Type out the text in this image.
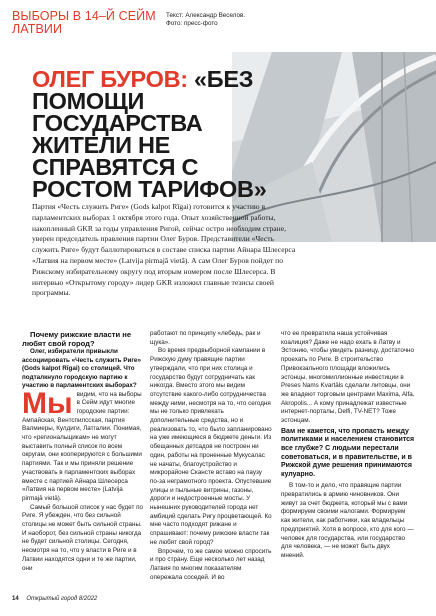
ВЫБОРЫ В 14–Й СЕЙМ ЛАТВИИ
Текст: Александр Веселов.
Фото: пресс-фото
ОЛЕГ БУРОВ: «БЕЗ ПОМОЩИ ГОСУДАРСТВА ЖИТЕЛИ НЕ СПРАВЯТСЯ С РОСТОМ ТАРИФОВ»

Партия «Честь служить Риге» (Gods kalpot Rīgai) готовится к участию в парламентских выборах 1 октября этого года. Опыт хозяйственной работы, накопленный GKR за годы управления Ригой, сейчас остро необходим стране, уверен председатель правления партии Олег Буров. Представители «Честь служить Риге» будут баллотироваться в составе списка партии Айнара Шлесерса «Латвия на первом месте» (Latvija pirmajā vietā). А сам Олег Буров пойдет по Рижскому избирательному округу под вторым номером после Шлесерса. В интервью «Открытому городу» лидер GKR изложил главные тезисы своей программы.

Почему рижские власти не любят свой город?

Олег, избиратели привыкли ассоциировать «Честь служить Риге» (Gods kalpot Rīgai) со столицей. Что подталкнуло городскую партию к участию в парламентских выборах?

Мы видим, что на выборы в Сейм идут многие городские партии: Ампайская, Вентспилсская, партия Валмиеры, Кулдиги, Латгалии. Понимая, что «региональщикам» не могут выставить полный список по всем округам, они кооперируются с большими партиями. Так и мы приняли решение участвовать в парламентских выборах вместе с партией Айнара Шлесерса «Латвия на первом месте» (Latvija pirmajā vietā).

Самый большой список у нас будет по Риге. Я убежден, что без сильной столицы не может быть сильной страны. И наоборот, без сильной страны никогда не будет сильной столицы. Сегодня, несмотря на то, что у власти в Риге и в Латвии находятся одни и те же партии, они

работают по принципу «лебедь, рак и щука».

Во время предвыборной кампании в Рижскую думу правящие партии утверждали, что при них столица и государство будут сотрудничать как никогда. Вместо этого мы видим отсутствие какого-либо сотрудничества между ними, несмотря на то, что сегодня мы не только привлекать дополнительные средства, но и реализовать то, что было запланировано на уже имеющиеся в бюджете деньги. Из обещанных детсадов не построен ни один, работы на проненные Мукусалас не начаты, благоустройство и микрорайоне Скансте вставо на паузу по-за неграмотного проекта. Опустевшие улицы и пыльные витрины, газоны, дороги и недостроенные мосты. У нынешних руководителей города нет амбиций сделать Ригу процветающей. Ко мне часто подходят рижане и спрашивают: почему рижские власти так не любят свой город?

Впрочем, то же самое можно спросить и про страну. Еще несколько лет назад Латвия по многим показателям опережала соседей. И во

что ее превратила наша устойчивая коалиция? Даже не надо ехать в Латву и Эстонию, чтобы увидеть разницу, достаточно проехать по Риге. В строительство Привокзального площади вложились эстонцы, многомиллионные инвестиции в Preses Nams Kvartāls сделали литовцы, они же владеют торговым центрами Maxima, Alfa, Akropolis... А кому принадлежат известные интернет-порталы, Delfi, TV-NET? Тоже эстонцам.

Вам не кажется, что пропасть между политиками и населением становится все глубже? С людьми перестали советоваться, и в правительстве, и в Рижской думе решения принимаются кулуарно.

В том-то и дело, что правящие партии превратились в армию чиновников. Они живут за счет бюджета, который мы с вами формируем своими налогами. Формируем как жители, как работники, как владельцы предприятий. Хотя в вопросе, кто для кого — человек для государства, или государство для человека, — не может быть двух мнений.

14 Открытый город 8/2022
